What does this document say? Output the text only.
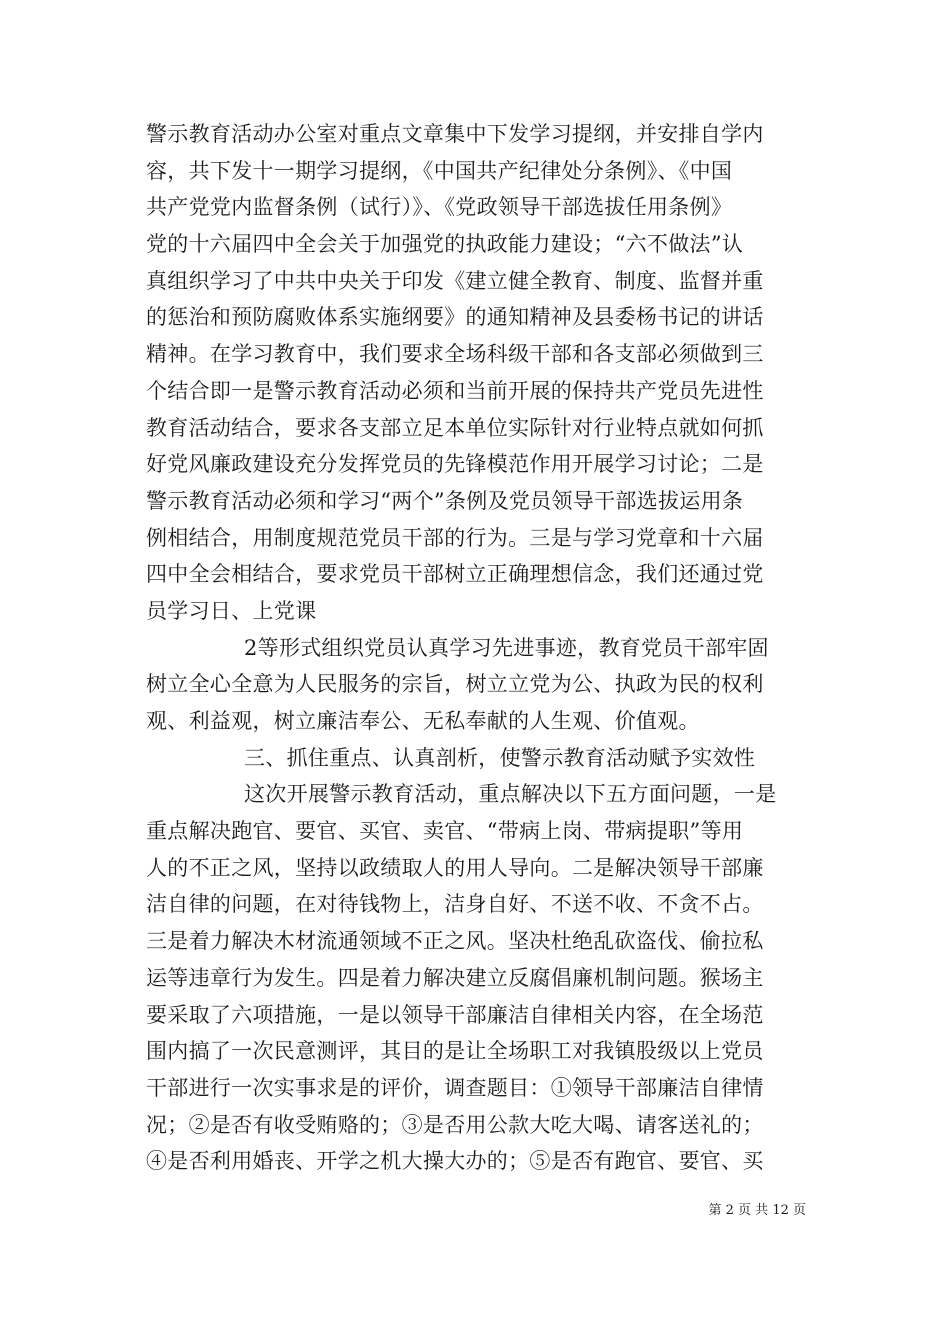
警示教育活动办公室对重点文章集中下发学习提纲，并安排自学内
容，共下发十一期学习提纲，《中国共产纪律处分条例》、《中国
共产党党内监督条例（试行）》、《党政领导干部选拔任用条例》
党的十六届四中全会关于加强党的执政能力建设；“六不做法”认
真组织学习了中共中央关于印发《建立健全教育、制度、监督并重
的惩治和预防腐败体系实施纲要》的通知精神及县委杨书记的讲话
精神。在学习教育中，我们要求全场科级干部和各支部必须做到三
个结合即一是警示教育活动必须和当前开展的保持共产党员先进性
教育活动结合，要求各支部立足本单位实际针对行业特点就如何抓
好党风廉政建设充分发挥党员的先锋模范作用开展学习讨论；二是
警示教育活动必须和学习“两个”条例及党员领导干部选拔运用条
例相结合，用制度规范党员干部的行为。三是与学习党章和十六届
四中全会相结合，要求党员干部树立正确理想信念，我们还通过党
员学习日、上党课
2等形式组织党员认真学习先进事迹，教育党员干部牢固
树立全心全意为人民服务的宗旨，树立立党为公、执政为民的权利
观、利益观，树立廉洁奉公、无私奉献的人生观、价值观。
三、抓住重点、认真剖析，使警示教育活动赋予实效性
这次开展警示教育活动，重点解决以下五方面问题，一是
重点解决跑官、要官、买官、卖官、“带病上岗、带病提职”等用
人的不正之风，坚持以政绩取人的用人导向。二是解决领导干部廉
洁自律的问题，在对待钱物上，洁身自好、不送不收、不贪不占。
三是着力解决木材流通领域不正之风。坚决杜绝乱砍盗伐、偷拉私
运等违章行为发生。四是着力解决建立反腐倡廉机制问题。猴场主
要采取了六项措施，一是以领导干部廉洁自律相关内容，在全场范
围内搞了一次民意测评，其目的是让全场职工对我镇股级以上党员
干部进行一次实事求是的评价，调查题目：①领导干部廉洁自律情
况；②是否有收受贿赂的；③是否用公款大吃大喝、请客送礼的；
④是否利用婚丧、开学之机大操大办的；⑤是否有跑官、要官、买
第 2 页 共 12 页
